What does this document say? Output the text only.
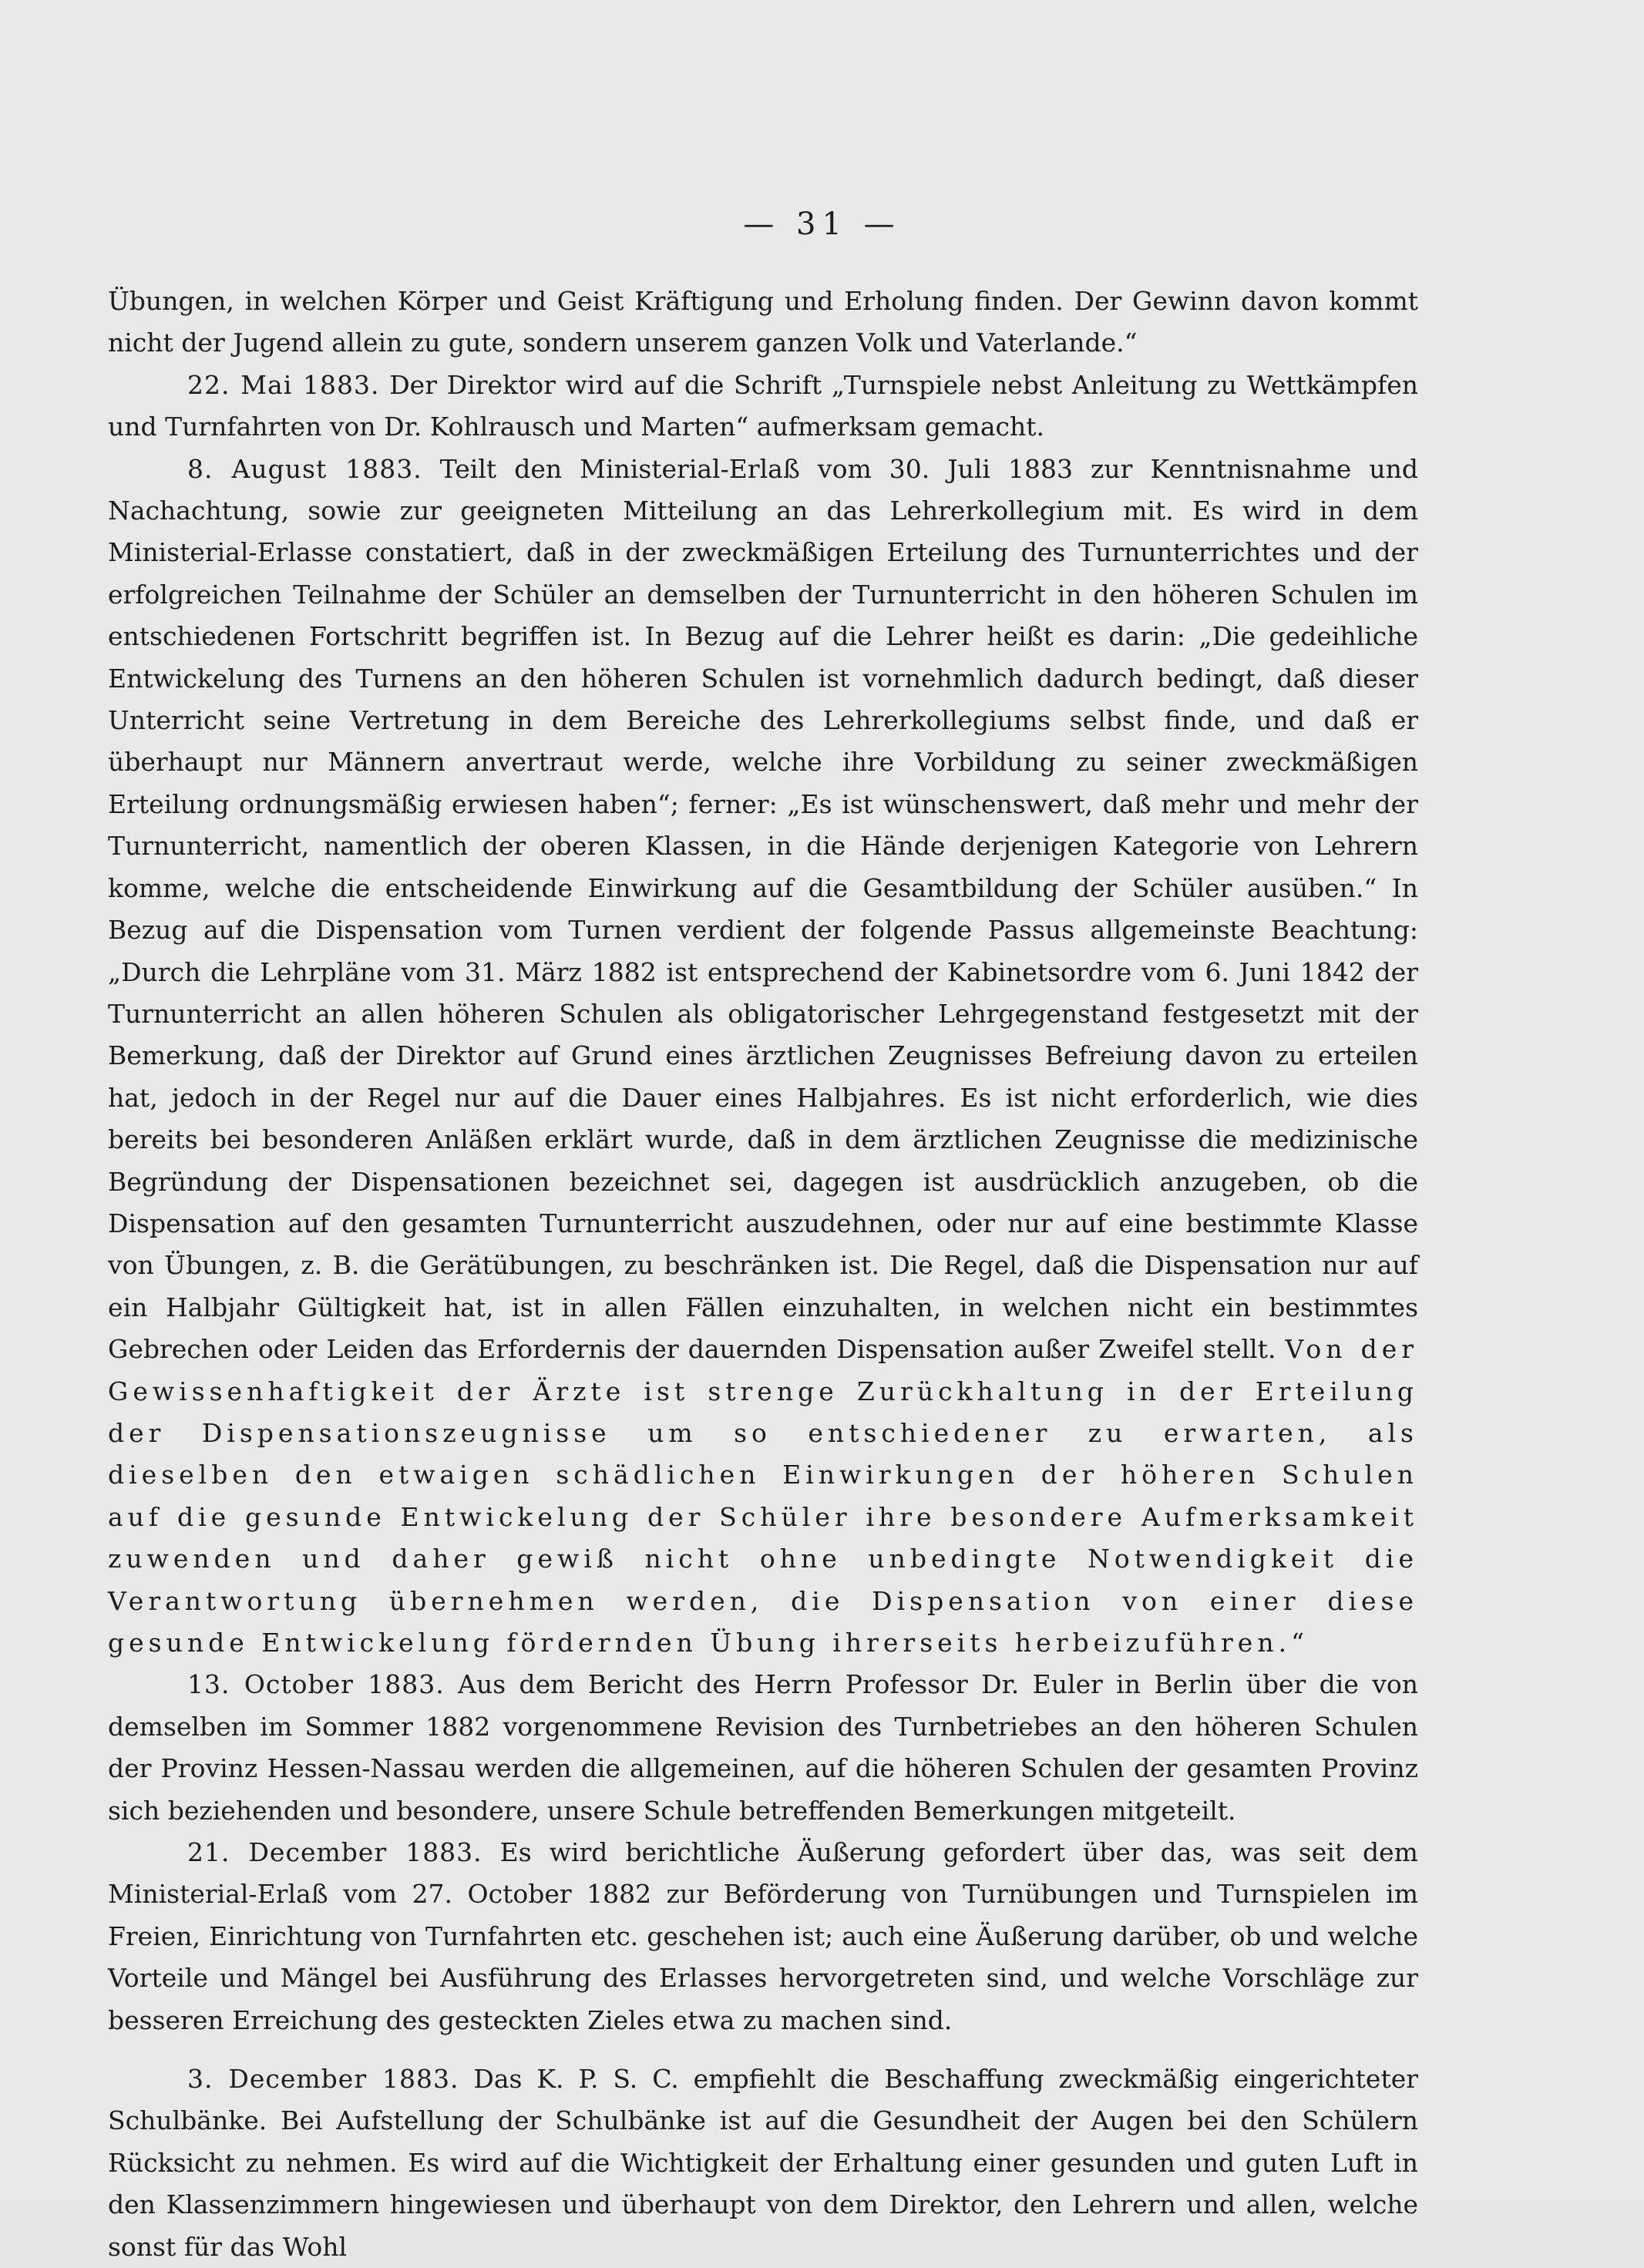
— 31 —

Übungen, in welchen Körper und Geist Kräftigung und Erholung finden. Der Gewinn davon kommt nicht der Jugend allein zu gute, sondern unserem ganzen Volk und Vaterlande.“

22. Mai 1883. Der Direktor wird auf die Schrift „Turnspiele nebst Anleitung zu Wettkämpfen und Turnfahrten von Dr. Kohlrausch und Marten“ aufmerksam gemacht.

8. August 1883. Teilt den Ministerial-Erlaß vom 30. Juli 1883 zur Kenntnisnahme und Nachachtung, sowie zur geeigneten Mitteilung an das Lehrerkollegium mit. Es wird in dem Ministerial-Erlasse constatiert, daß in der zweckmäßigen Erteilung des Turnunterrichtes und der erfolgreichen Teilnahme der Schüler an demselben der Turnunterricht in den höheren Schulen im entschiedenen Fortschritt begriffen ist. In Bezug auf die Lehrer heißt es darin: „Die gedeihliche Entwickelung des Turnens an den höheren Schulen ist vornehmlich dadurch bedingt, daß dieser Unterricht seine Vertretung in dem Bereiche des Lehrerkollegiums selbst finde, und daß er überhaupt nur Männern anvertraut werde, welche ihre Vorbildung zu seiner zweckmäßigen Erteilung ordnungsmäßig erwiesen haben“; ferner: „Es ist wünschenswert, daß mehr und mehr der Turnunterricht, namentlich der oberen Klassen, in die Hände derjenigen Kategorie von Lehrern komme, welche die entscheidende Einwirkung auf die Gesamtbildung der Schüler ausüben.“ In Bezug auf die Dispensation vom Turnen verdient der folgende Passus allgemeinste Beachtung: „Durch die Lehrpläne vom 31. März 1882 ist entsprechend der Kabinetsordre vom 6. Juni 1842 der Turnunterricht an allen höheren Schulen als obligatorischer Lehrgegenstand festgesetzt mit der Bemerkung, daß der Direktor auf Grund eines ärztlichen Zeugnisses Befreiung davon zu erteilen hat, jedoch in der Regel nur auf die Dauer eines Halbjahres. Es ist nicht erforderlich, wie dies bereits bei besonderen Anläßen erklärt wurde, daß in dem ärztlichen Zeugnisse die medizinische Begründung der Dispensationen bezeichnet sei, dagegen ist ausdrücklich anzugeben, ob die Dispensation auf den gesamten Turnunterricht auszudehnen, oder nur auf eine bestimmte Klasse von Übungen, z. B. die Gerätübungen, zu beschränken ist. Die Regel, daß die Dispensation nur auf ein Halbjahr Gültigkeit hat, ist in allen Fällen einzuhalten, in welchen nicht ein bestimmtes Gebrechen oder Leiden das Erfordernis der dauernden Dispensation außer Zweifel stellt. Von der Gewissenhaftigkeit der Ärzte ist strenge Zurückhaltung in der Erteilung der Dispensationszeugnisse um so entschiedener zu erwarten, als dieselben den etwaigen schädlichen Einwirkungen der höheren Schulen auf die gesunde Entwickelung der Schüler ihre besondere Aufmerksamkeit zuwenden und daher gewiß nicht ohne unbedingte Notwendigkeit die Verantwortung übernehmen werden, die Dispensation von einer diese gesunde Entwickelung fördernden Übung ihrerseits herbeizuführen.“

13. October 1883. Aus dem Bericht des Herrn Professor Dr. Euler in Berlin über die von demselben im Sommer 1882 vorgenommene Revision des Turnbetriebes an den höheren Schulen der Provinz Hessen-Nassau werden die allgemeinen, auf die höheren Schulen der gesamten Provinz sich beziehenden und besondere, unsere Schule betreffenden Bemerkungen mitgeteilt.

21. December 1883. Es wird berichtliche Äußerung gefordert über das, was seit dem Ministerial-Erlaß vom 27. October 1882 zur Beförderung von Turnübungen und Turnspielen im Freien, Einrichtung von Turnfahrten etc. geschehen ist; auch eine Äußerung darüber, ob und welche Vorteile und Mängel bei Ausführung des Erlasses hervorgetreten sind, und welche Vorschläge zur besseren Erreichung des gesteckten Zieles etwa zu machen sind.

3. December 1883. Das K. P. S. C. empfiehlt die Beschaffung zweckmäßig eingerichteter Schulbänke. Bei Aufstellung der Schulbänke ist auf die Gesundheit der Augen bei den Schülern Rücksicht zu nehmen. Es wird auf die Wichtigkeit der Erhaltung einer gesunden und guten Luft in den Klassenzimmern hingewiesen und überhaupt von dem Direktor, den Lehrern und allen, welche sonst für das Wohl
